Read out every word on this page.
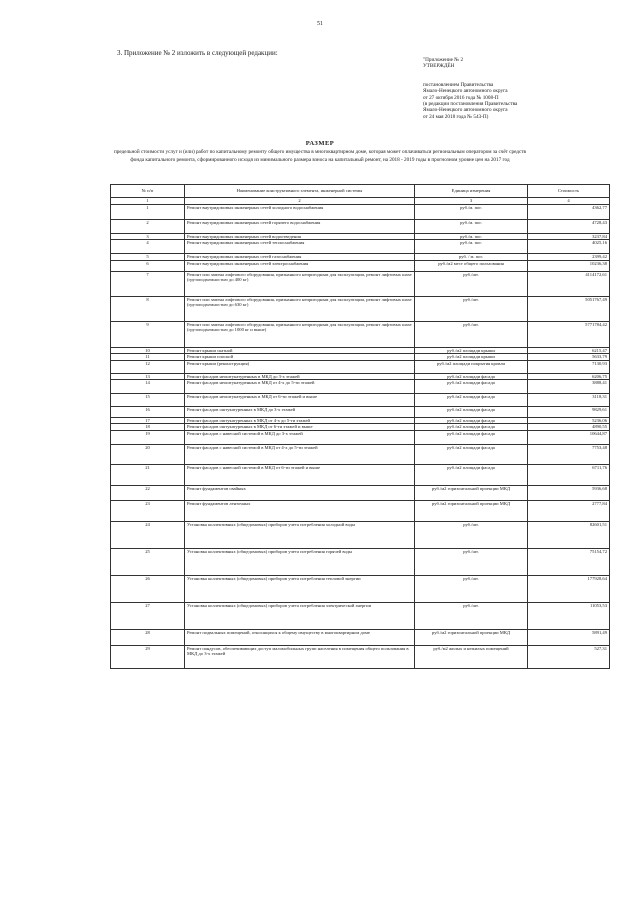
51
3. Приложение № 2 изложить в следующей редакции:
"Приложение № 2
УТВЕРЖДЁН
постановлением Правительства
Ямало-Ненецкого автономного округа
от 27 октября 2016 года № 1008-П
(в редакции постановления Правительства
Ямало-Ненецкого автономного округа
от 24 мая 2018 года № 543-П)
РАЗМЕР
предельной стоимости услуг и (или) работ по капитальному ремонту общего имущества в многоквартирном доме, которая может оплачиваться региональным оператором за счёт средств фонда капитального ремонта, сформированного исходя из минимального размера взноса на капитальный ремонт, на 2018 - 2019 годы в прогнозном уровне цен на 2017 год
№ п/п	Наименование конструктивного элемента, инженерной системы	Единица измерения	Стоимость
1	2	3	4
1	Ремонт внутридомовых инженерных сетей холодного водоснабжения	руб./м. пог.	4362,77
2	Ремонт внутридомовых инженерных сетей горячего водоснабжения	руб./м. пог.	4728,43
3	Ремонт внутридомовых инженерных сетей водоотведения	руб./м. пог.	3237,84
4	Ремонт внутридомовых инженерных сетей теплоснабжения	руб./м. пог.	4025,16
5	Ремонт внутридомовых инженерных сетей газоснабжения	руб. / м. пог.	2399,42
6	Ремонт внутридомовых инженерных сетей электроснабжения	руб./м2 мест общего пользования	10236,38
7	Ремонт или замена лифтового оборудования, признанного непригодным для эксплуатации, ремонт лифтовых шахт (грузоподъемностью до 400 кг)	руб./шт.	4114172,61
8	Ремонт или замена лифтового оборудования, признанного непригодным для эксплуатации, ремонт лифтовых шахт (грузоподъемностью до 630 кг)	руб./шт.	5051767,49
9	Ремонт или замена лифтового оборудования, признанного непригодным для эксплуатации, ремонт лифтовых шахт (грузоподъемностью до 1000 кг и выше)	руб./шт.	5771784,42
10	Ремонт крыши скатной	руб./м2 площади крыши	6215,47
11	Ремонт крыши плоской	руб./м2 площади крыши	5633,79
12	Ремонт крыши (реконструкция)	руб./м2 площади покрытия кровли	7130,93
13	Ремонт фасадов неоштукатуренных в МКД до 3-х этажей	руб./м2 площади фасада	6206,75
14	Ремонт фасадов неоштукатуренных в МКД от 4-х до 5-ти этажей	руб./м2 площади фасада	3888,41
15	Ремонт фасадов неоштукатуренных в МКД от 6-ти этажей и выше	руб./м2 площади фасада	3118,31
16	Ремонт фасадов оштукатуренных в МКД до 3-х этажей	руб./м2 площади фасада	9829,61
17	Ремонт фасадов оштукатуренных в МКД от 4-х до 5-ти этажей	руб./м2 площади фасада	5236,06
18	Ремонт фасадов оштукатуренных в МКД от 6-ти этажей и выше	руб./м2 площади фасада	4890,55
19	Ремонт фасадов с навесной системой в МКД до 3-х этажей	руб./м2 площади фасада	10644,87
20	Ремонт фасадов с навесной системой в МКД от 4-х до 5-ти этажей	руб./м2 площади фасада	7753,48
21	Ремонт фасадов с навесной системой в МКД от 6-ти этажей и выше	руб./м2 площади фасада	6711,76
22	Ремонт фундаментов свайных	руб./м2 горизонтальной проекции МКД	5936,68
23	Ремонт фундаментов ленточных	руб./м2 горизонтальной проекции МКД	2777,84
24	Установка коллективных (общедомовых) приборов учета потребления холодной воды	руб./шт.	82601,51
25	Установка коллективных (общедомовых) приборов учета потребления горячей воды	руб./шт.	75154,72
26	Установка коллективных (общедомовых) приборов учета потребления тепловой энергии	руб./шт.	177928,64
27	Установка коллективных (общедомовых) приборов учета потребления электрической энергии	руб./шт.	11053,53
28	Ремонт подвальных помещений, относящихся к общему имуществу в многоквартирном доме	руб./м2 горизонтальной проекции МКД	5891,49
29	Ремонт пандусов, обеспечивающих доступ маломобильных групп населения в помещения общего пользования в МКД до 3-х этажей	руб./м2 жилых и нежилых помещений	527,31
